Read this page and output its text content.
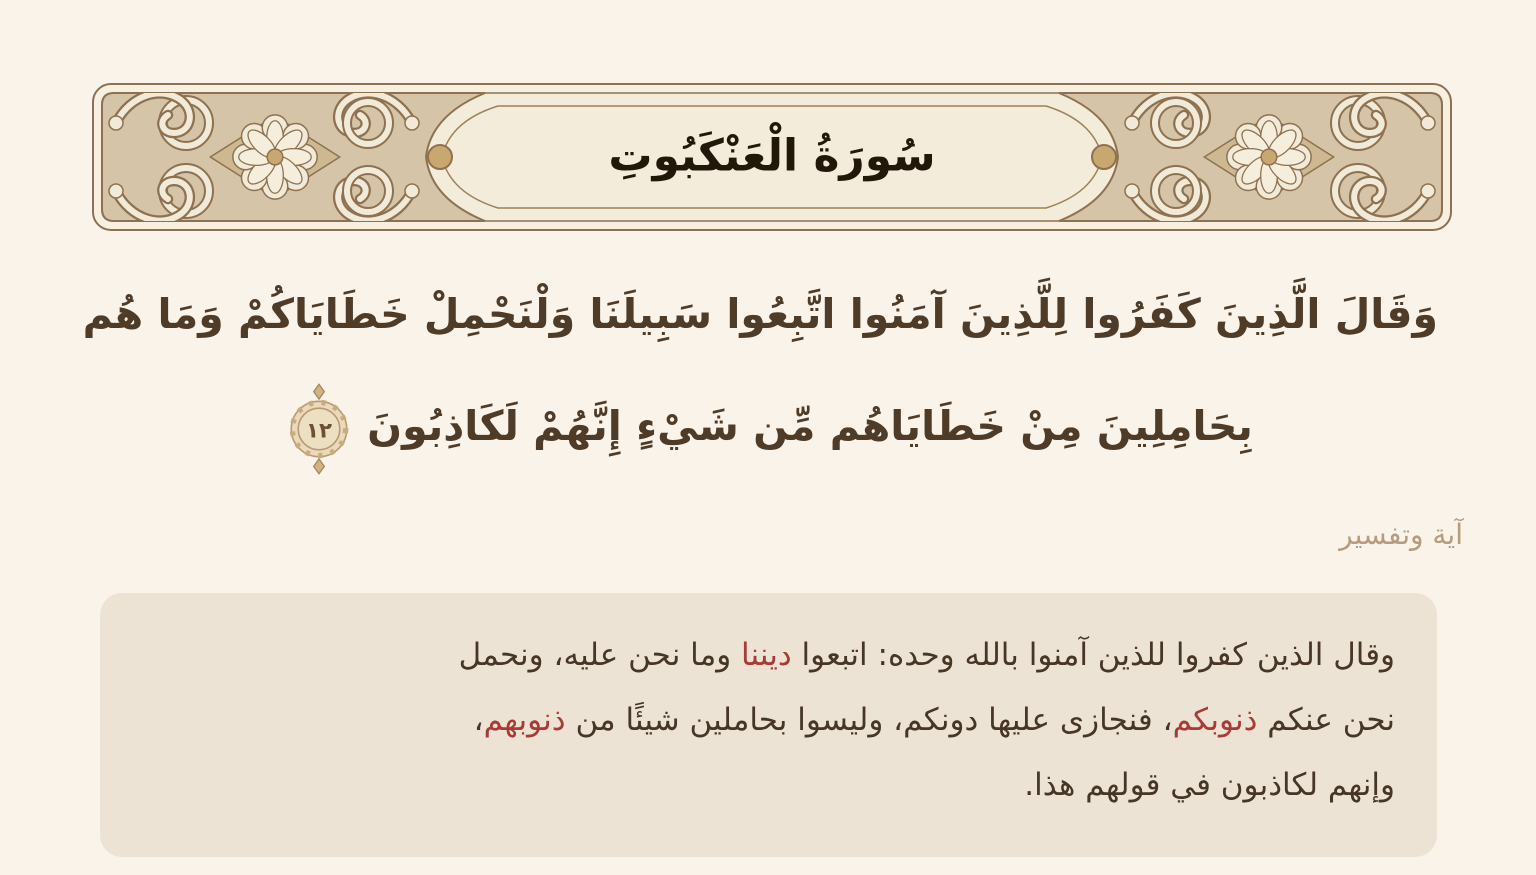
سُورَةُ الْعَنْكَبُوتِ
وَقَالَ الَّذِينَ كَفَرُوا لِلَّذِينَ آمَنُوا اتَّبِعُوا سَبِيلَنَا وَلْنَحْمِلْ خَطَايَاكُمْ وَمَا هُم
بِحَامِلِينَ مِنْ خَطَايَاهُم مِّن شَيْءٍ إِنَّهُمْ لَكَاذِبُونَ
١٢
آية وتفسير
وقال الذين كفروا للذين آمنوا بالله وحده: اتبعوا ديننا وما نحن عليه، ونحمل
نحن عنكم ذنوبكم، فنجازى عليها دونكم، وليسوا بحاملين شيئًا من ذنوبهم،
وإنهم لكاذبون في قولهم هذا.
